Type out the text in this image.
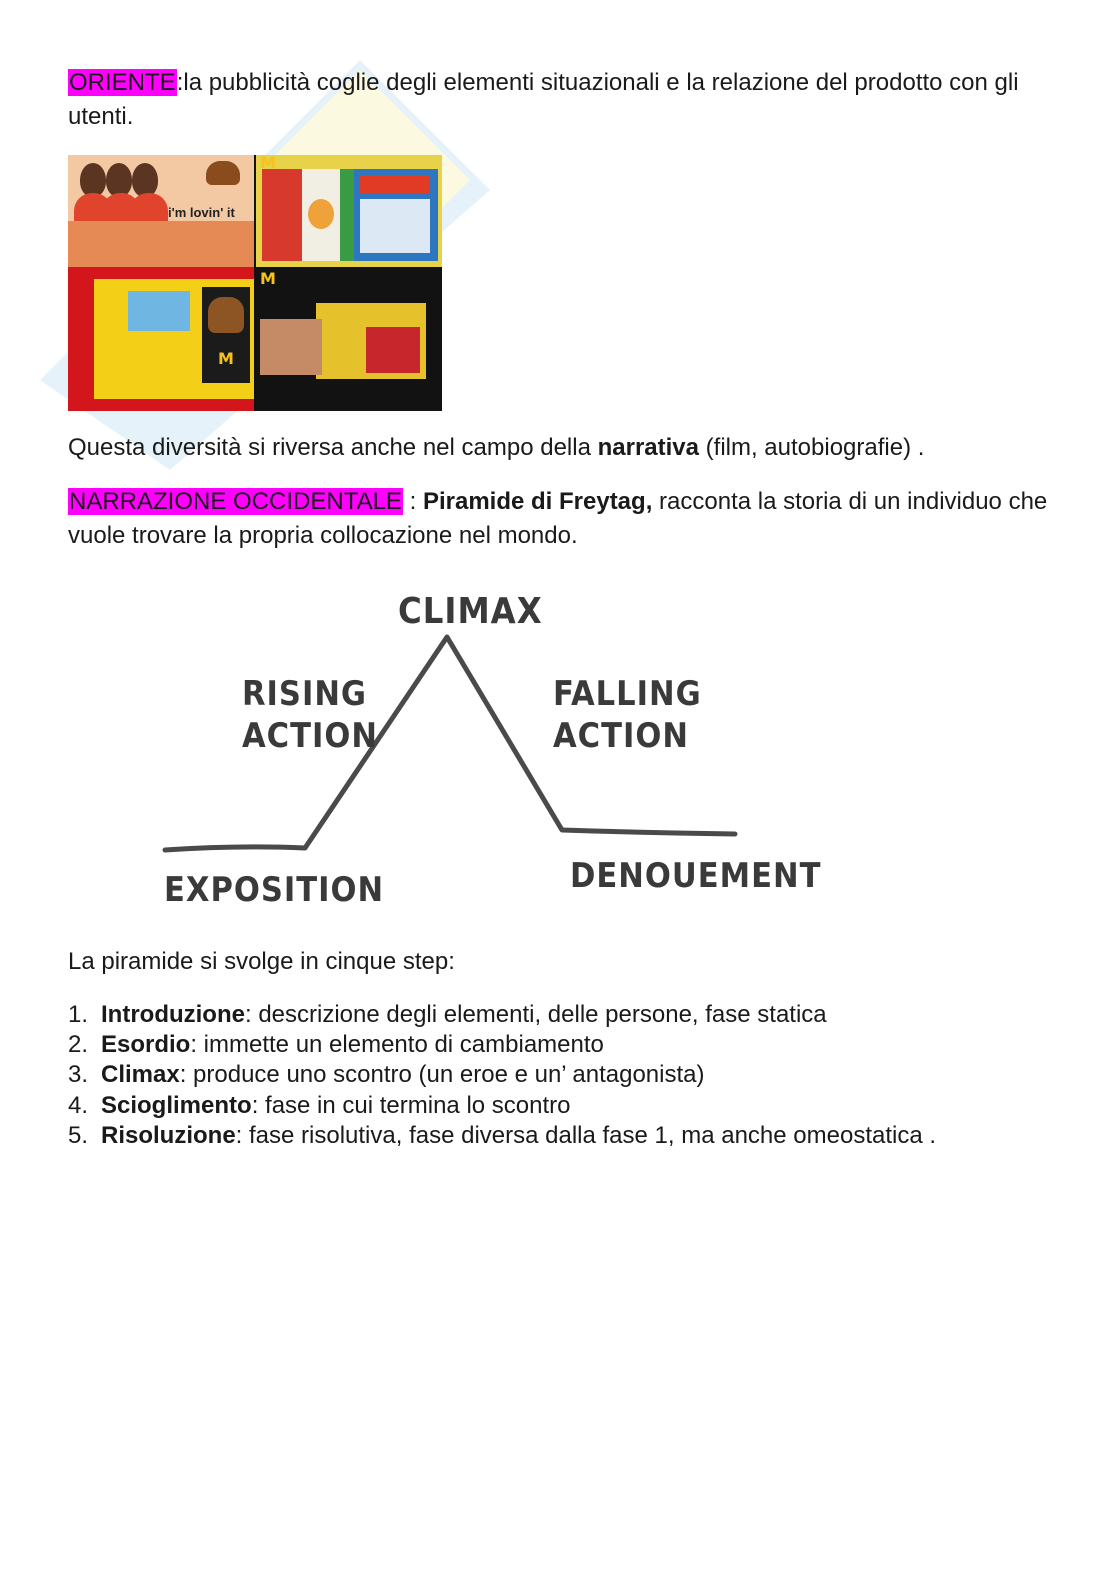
ORIENTE:la pubblicità coglie degli elementi situazionali e la relazione del prodotto con gli utenti.

i'm lovin' it
M
M
M

Questa diversità si riversa anche nel campo della narrativa (film, autobiografie) .

NARRAZIONE OCCIDENTALE : Piramide di Freytag, racconta la storia di un individuo che vuole trovare la propria collocazione nel mondo.

CLIMAX
RISING
ACTION
FALLING
ACTION
EXPOSITION	DENOUEMENT

La piramide si svolge in cinque step:

1. Introduzione: descrizione degli elementi, delle persone, fase statica
2. Esordio: immette un elemento di cambiamento
3. Climax: produce uno scontro (un eroe e un’ antagonista)
4. Scioglimento: fase in cui termina lo scontro
5. Risoluzione: fase risolutiva, fase diversa dalla fase 1, ma anche omeostatica .
